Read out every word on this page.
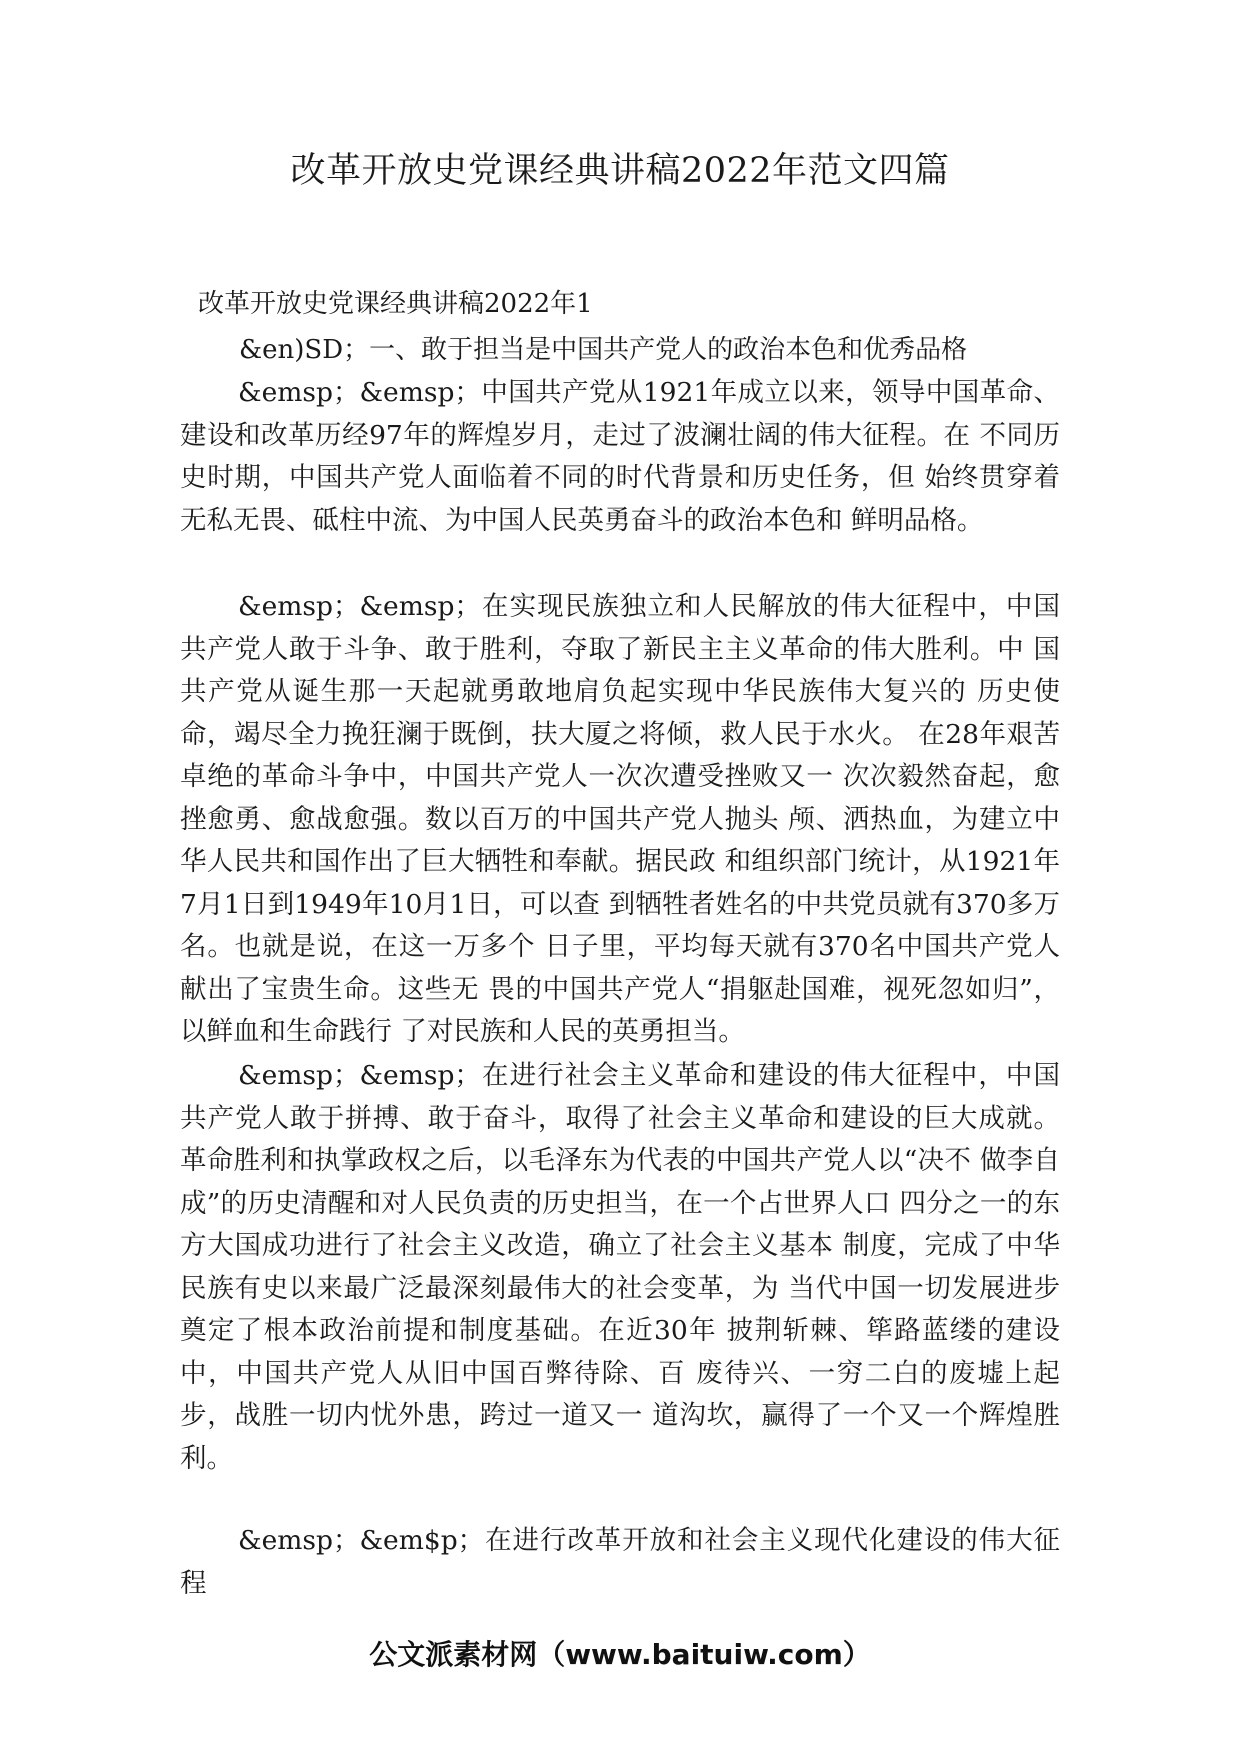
改革开放史党课经典讲稿2022年范文四篇

改革开放史党课经典讲稿2022年1

&en)SD；一、敢于担当是中国共产党人的政治本色和优秀品格

&emsp；&emsp；中国共产党从1921年成立以来，领导中国革命、建设和改革历经97年的辉煌岁月，走过了波澜壮阔的伟大征程。在 不同历史时期，中国共产党人面临着不同的时代背景和历史任务，但 始终贯穿着无私无畏、砥柱中流、为中国人民英勇奋斗的政治本色和 鲜明品格。

&emsp；&emsp；在实现民族独立和人民解放的伟大征程中，中国共产党人敢于斗争、敢于胜利，夺取了新民主主义革命的伟大胜利。中 国共产党从诞生那一天起就勇敢地肩负起实现中华民族伟大复兴的 历史使命，竭尽全力挽狂澜于既倒，扶大厦之将倾，救人民于水火。 在28年艰苦卓绝的革命斗争中，中国共产党人一次次遭受挫败又一 次次毅然奋起，愈挫愈勇、愈战愈强。数以百万的中国共产党人抛头 颅、洒热血，为建立中华人民共和国作出了巨大牺牲和奉献。据民政 和组织部门统计，从1921年7月1日到1949年10月1日，可以查 到牺牲者姓名的中共党员就有370多万名。也就是说，在这一万多个 日子里，平均每天就有370名中国共产党人献出了宝贵生命。这些无 畏的中国共产党人“捐躯赴国难，视死忽如归”，以鲜血和生命践行 了对民族和人民的英勇担当。

&emsp；&emsp；在进行社会主义革命和建设的伟大征程中，中国共产党人敢于拼搏、敢于奋斗，取得了社会主义革命和建设的巨大成就。 革命胜利和执掌政权之后，以毛泽东为代表的中国共产党人以“决不 做李自成”的历史清醒和对人民负责的历史担当，在一个占世界人口 四分之一的东方大国成功进行了社会主义改造，确立了社会主义基本 制度，完成了中华民族有史以来最广泛最深刻最伟大的社会变革，为 当代中国一切发展进步奠定了根本政治前提和制度基础。在近30年 披荆斩棘、筚路蓝缕的建设中，中国共产党人从旧中国百弊待除、百 废待兴、一穷二白的废墟上起步，战胜一切内忧外患，跨过一道又一 道沟坎，赢得了一个又一个辉煌胜利。

&emsp；&em$p；在进行改革开放和社会主义现代化建设的伟大征 程

公文派素材网（www.baituiw.com）
